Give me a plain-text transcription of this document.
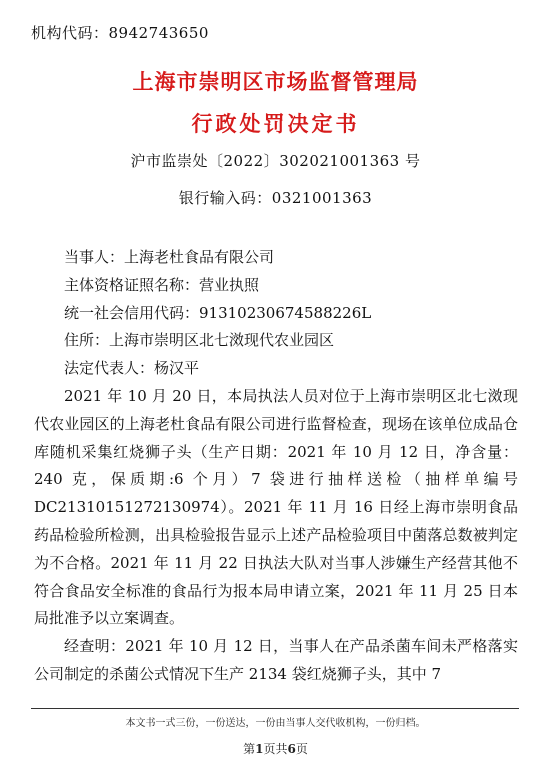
机构代码：8942743650
上海市崇明区市场监督管理局
行政处罚决定书
沪市监崇处〔2022〕302021001363 号
银行输入码：0321001363
当事人：上海老杜食品有限公司
主体资格证照名称：营业执照
统一社会信用代码：91310230674588226L
住所：上海市崇明区北七滧现代农业园区
法定代表人：杨汉平

2021 年 10 月 20 日，本局执法人员对位于上海市崇明区北七滧现代农业园区的上海老杜食品有限公司进行监督检查，现场在该单位成品仓库随机采集红烧狮子头（生产日期：2021 年 10 月 12 日，净含量：240 克，保质期:6 个月）7 袋进行抽样送检（抽样单编号 DC21310151272130974）。2021 年 11 月 16 日经上海市崇明食品药品检验所检测，出具检验报告显示上述产品检验项目中菌落总数被判定为不合格。2021 年 11 月 22 日执法大队对当事人涉嫌生产经营其他不符合食品安全标准的食品行为报本局申请立案，2021 年 11 月 25 日本局批准予以立案调查。

经查明：2021 年 10 月 12 日，当事人在产品杀菌车间未严格落实公司制定的杀菌公式情况下生产 2134 袋红烧狮子头，其中 7

本文书一式三份，一份送达，一份由当事人交代收机构，一份归档。
第1页共6页
